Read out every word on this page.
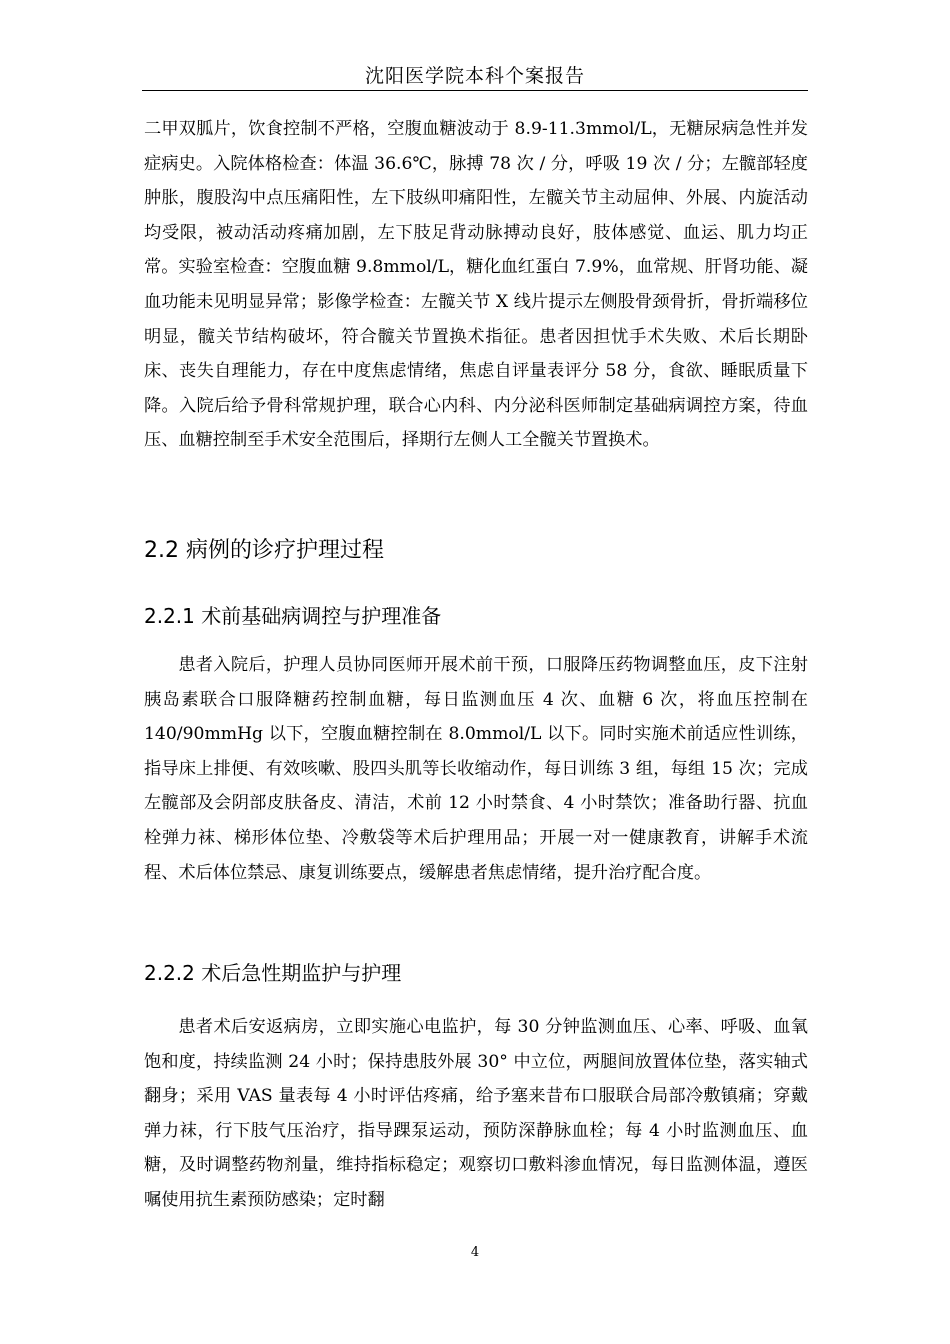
沈阳医学院本科个案报告

二甲双胍片，饮食控制不严格，空腹血糖波动于 8.9-11.3mmol/L，无糖尿病急性并发症病史。入院体格检查：体温 36.6℃，脉搏 78 次 / 分，呼吸 19 次 / 分；左髋部轻度肿胀，腹股沟中点压痛阳性，左下肢纵叩痛阳性，左髋关节主动屈伸、外展、内旋活动均受限，被动活动疼痛加剧，左下肢足背动脉搏动良好，肢体感觉、血运、肌力均正常。实验室检查：空腹血糖 9.8mmol/L，糖化血红蛋白 7.9%，血常规、肝肾功能、凝血功能未见明显异常；影像学检查：左髋关节 X 线片提示左侧股骨颈骨折，骨折端移位明显，髋关节结构破坏，符合髋关节置换术指征。患者因担忧手术失败、术后长期卧床、丧失自理能力，存在中度焦虑情绪，焦虑自评量表评分 58 分，食欲、睡眠质量下降。入院后给予骨科常规护理，联合心内科、内分泌科医师制定基础病调控方案，待血压、血糖控制至手术安全范围后，择期行左侧人工全髋关节置换术。

2.2 病例的诊疗护理过程
2.2.1 术前基础病调控与护理准备

患者入院后，护理人员协同医师开展术前干预，口服降压药物调整血压，皮下注射胰岛素联合口服降糖药控制血糖，每日监测血压 4 次、血糖 6 次，将血压控制在 140/90mmHg 以下，空腹血糖控制在 8.0mmol/L 以下。同时实施术前适应性训练，指导床上排便、有效咳嗽、股四头肌等长收缩动作，每日训练 3 组，每组 15 次；完成左髋部及会阴部皮肤备皮、清洁，术前 12 小时禁食、4 小时禁饮；准备助行器、抗血栓弹力袜、梯形体位垫、冷敷袋等术后护理用品；开展一对一健康教育，讲解手术流程、术后体位禁忌、康复训练要点，缓解患者焦虑情绪，提升治疗配合度。

2.2.2 术后急性期监护与护理

患者术后安返病房，立即实施心电监护，每 30 分钟监测血压、心率、呼吸、血氧饱和度，持续监测 24 小时；保持患肢外展 30° 中立位，两腿间放置体位垫，落实轴式翻身；采用 VAS 量表每 4 小时评估疼痛，给予塞来昔布口服联合局部冷敷镇痛；穿戴弹力袜，行下肢气压治疗，指导踝泵运动，预防深静脉血栓；每 4 小时监测血压、血糖，及时调整药物剂量，维持指标稳定；观察切口敷料渗血情况，每日监测体温，遵医嘱使用抗生素预防感染；定时翻

4
